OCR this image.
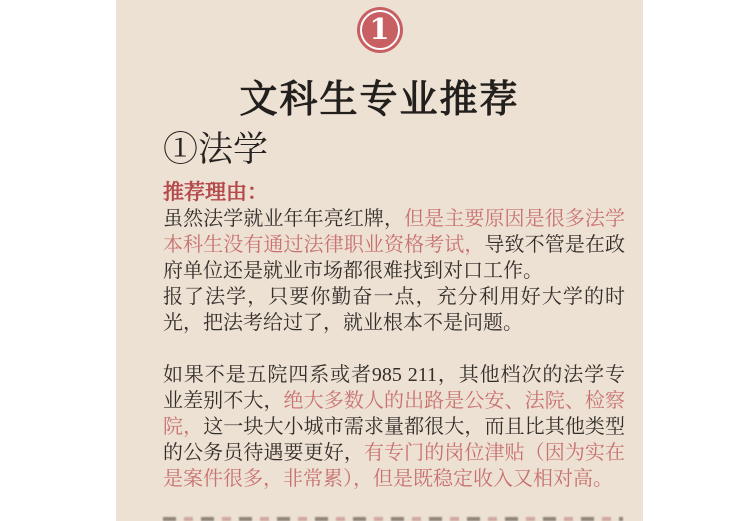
1
文科生专业推荐
①法学
推荐理由：

虽然法学就业年年亮红牌，但是主要原因是很多法学本科生没有通过法律职业资格考试，导致不管是在政府单位还是就业市场都很难找到对口工作。

报了法学，只要你勤奋一点，充分利用好大学的时光，把法考给过了，就业根本不是问题。

如果不是五院四系或者985 211，其他档次的法学专业差别不大，绝大多数人的出路是公安、法院、检察院，这一块大小城市需求量都很大，而且比其他类型的公务员待遇要更好，有专门的岗位津贴（因为实在是案件很多，非常累），但是既稳定收入又相对高。
